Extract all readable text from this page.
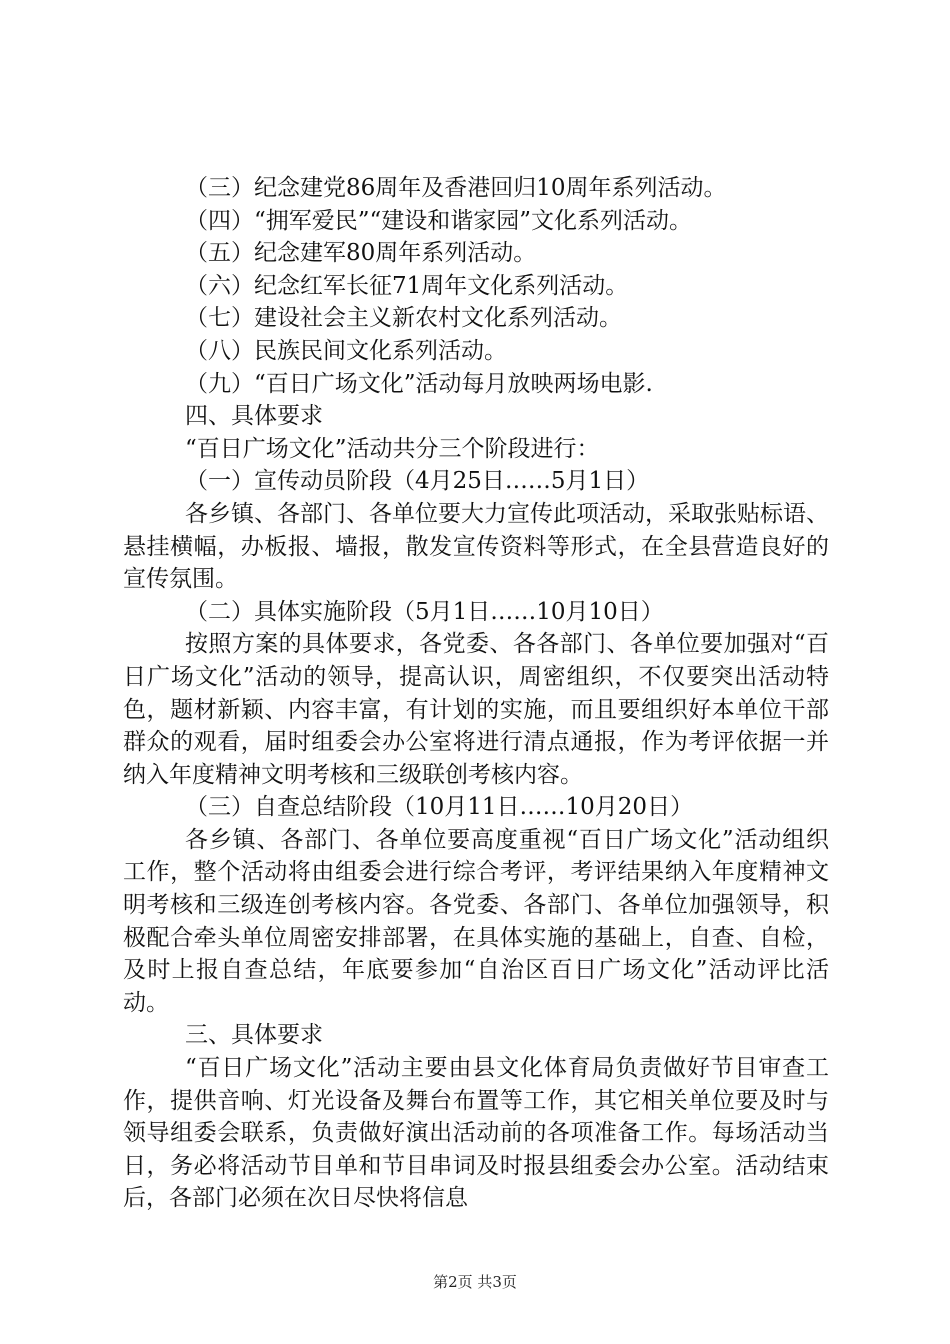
（三）纪念建党86周年及香港回归10周年系列活动。
（四）“拥军爱民”“建设和谐家园”文化系列活动。
（五）纪念建军80周年系列活动。
（六）纪念红军长征71周年文化系列活动。
（七）建设社会主义新农村文化系列活动。
（八）民族民间文化系列活动。
（九）“百日广场文化”活动每月放映两场电影.
四、具体要求
“百日广场文化”活动共分三个阶段进行：
（一）宣传动员阶段（4月25日……5月1日）

各乡镇、各部门、各单位要大力宣传此项活动，采取张贴标语、悬挂横幅，办板报、墙报，散发宣传资料等形式，在全县营造良好的宣传氛围。

（二）具体实施阶段（5月1日……10月10日）

按照方案的具体要求，各党委、各各部门、各单位要加强对“百日广场文化”活动的领导，提高认识，周密组织，不仅要突出活动特色，题材新颖、内容丰富，有计划的实施，而且要组织好本单位干部群众的观看，届时组委会办公室将进行清点通报，作为考评依据一并纳入年度精神文明考核和三级联创考核内容。

（三）自查总结阶段（10月11日……10月20日）

各乡镇、各部门、各单位要高度重视“百日广场文化”活动组织工作，整个活动将由组委会进行综合考评，考评结果纳入年度精神文明考核和三级连创考核内容。各党委、各部门、各单位加强领导，积极配合牵头单位周密安排部署，在具体实施的基础上，自查、自检，及时上报自查总结，年底要参加“自治区百日广场文化”活动评比活动。

三、具体要求

“百日广场文化”活动主要由县文化体育局负责做好节目审查工作，提供音响、灯光设备及舞台布置等工作，其它相关单位要及时与领导组委会联系，负责做好演出活动前的各项准备工作。每场活动当日，务必将活动节目单和节目串词及时报县组委会办公室。活动结束后，各部门必须在次日尽快将信息

第2页 共3页
